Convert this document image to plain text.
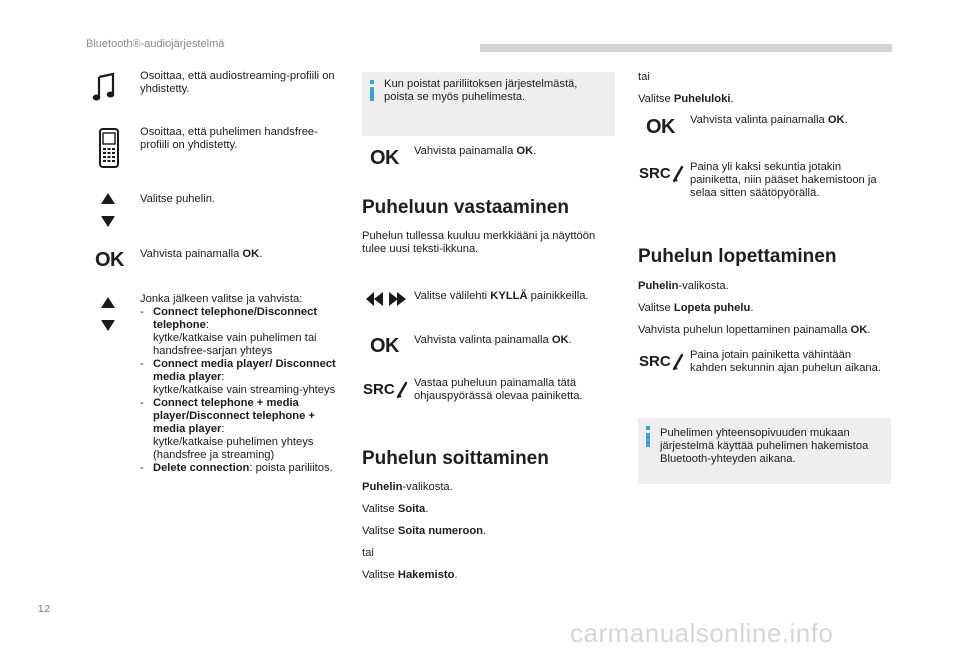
Bluetooth®-audiojärjestelmä
Osoittaa, että audiostreaming-profiili on yhdistetty.
Osoittaa, että puhelimen handsfree-profiili on yhdistetty.
Valitse puhelin.
OK Vahvista painamalla OK.
Jonka jälkeen valitse ja vahvista:
- Connect telephone/Disconnect telephone:
kytke/katkaise vain puhelimen tai handsfree-sarjan yhteys
- Connect media player/ Disconnect media player:
kytke/katkaise vain streaming-yhteys
- Connect telephone + media player/Disconnect telephone + media player:
kytke/katkaise puhelimen yhteys (handsfree ja streaming)
- Delete connection: poista pariliitos.
Kun poistat pariliitoksen järjestelmästä, poista se myös puhelimesta.
OK Vahvista painamalla OK.
Puheluun vastaaminen
Puhelun tullessa kuuluu merkkiääni ja näyttöön tulee uusi teksti-ikkuna.
Valitse välilehti KYLLÄ painikkeilla.
OK Vahvista valinta painamalla OK.
SRC Vastaa puheluun painamalla tätä ohjauspyörässä olevaa painiketta.
Puhelun soittaminen
Puhelin-valikosta.
Valitse Soita.
Valitse Soita numeroon.
tai
Valitse Hakemisto.
tai
Valitse Puheluloki.
OK Vahvista valinta painamalla OK.
SRC Paina yli kaksi sekuntia jotakin painiketta, niin pääset hakemistoon ja selaa sitten säätöpyörällä.
Puhelun lopettaminen
Puhelin-valikosta.
Valitse Lopeta puhelu.
Vahvista puhelun lopettaminen painamalla OK.
SRC Paina jotain painiketta vähintään kahden sekunnin ajan puhelun aikana.
Puhelimen yhteensopivuuden mukaan järjestelmä käyttää puhelimen hakemistoa Bluetooth-yhteyden aikana.
12
carmanualsonline.info
